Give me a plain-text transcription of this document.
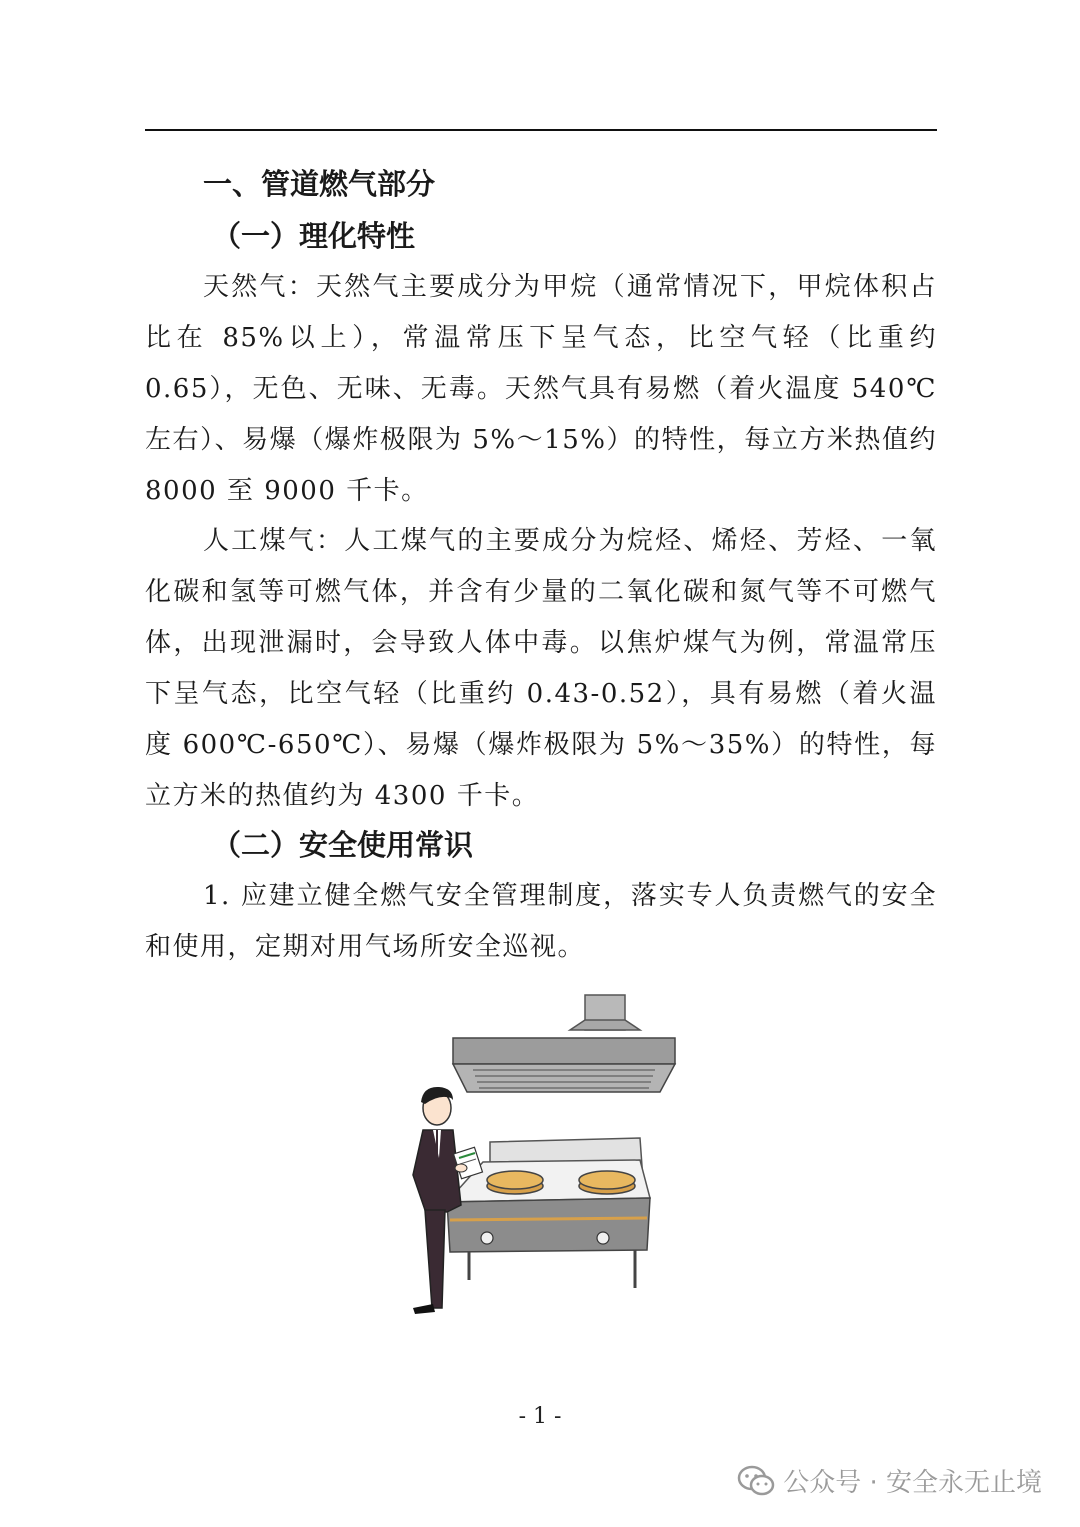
一、管道燃气部分
（一）理化特性

天然气：天然气主要成分为甲烷（通常情况下，甲烷体积占比在 85%以上），常温常压下呈气态，比空气轻（比重约 0.65），无色、无味、无毒。天然气具有易燃（着火温度 540℃左右）、易爆（爆炸极限为 5%～15%）的特性，每立方米热值约 8000 至 9000 千卡。

人工煤气：人工煤气的主要成分为烷烃、烯烃、芳烃、一氧化碳和氢等可燃气体，并含有少量的二氧化碳和氮气等不可燃气体，出现泄漏时，会导致人体中毒。以焦炉煤气为例，常温常压下呈气态，比空气轻（比重约 0.43-0.52），具有易燃（着火温度 600℃-650℃）、易爆（爆炸极限为 5%～35%）的特性，每立方米的热值约为 4300 千卡。

（二）安全使用常识

1. 应建立健全燃气安全管理制度，落实专人负责燃气的安全和使用，定期对用气场所安全巡视。

- 1 -
公众号 · 安全永无止境
